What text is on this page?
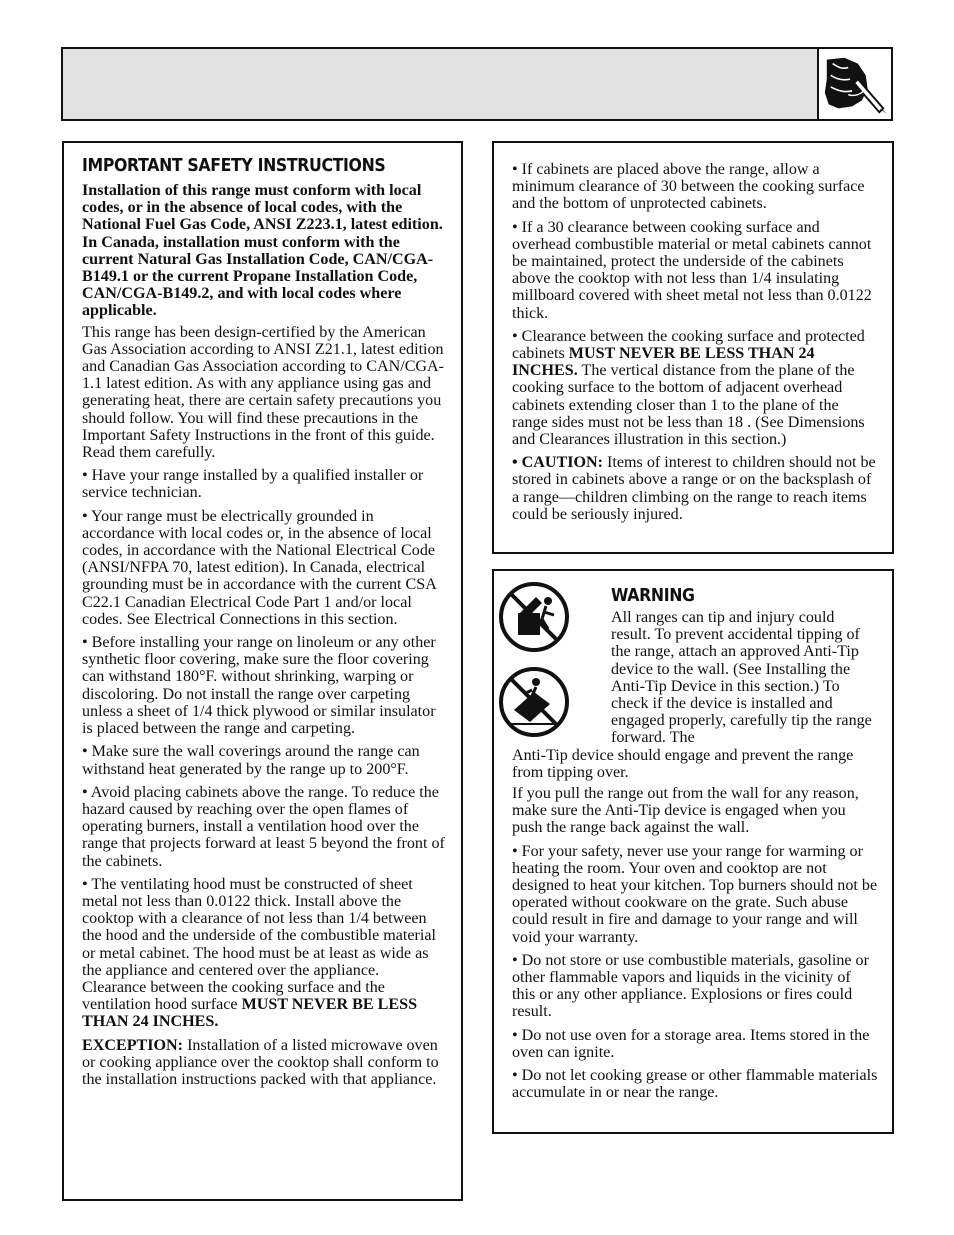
IMPORTANT SAFETY INSTRUCTIONS

Installation of this range must conform with local codes, or in the absence of local codes, with the National Fuel Gas Code, ANSI Z223.1, latest edition. In Canada, installation must conform with the current Natural Gas Installation Code, CAN/CGA-B149.1 or the current Propane Installation Code, CAN/CGA-B149.2, and with local codes where applicable.

This range has been design-certified by the American Gas Association according to ANSI Z21.1, latest edition and Canadian Gas Association according to CAN/CGA-1.1 latest edition. As with any appliance using gas and generating heat, there are certain safety precautions you should follow. You will find these precautions in the Important Safety Instructions in the front of this guide. Read them carefully.

• Have your range installed by a qualified installer or service technician.

• Your range must be electrically grounded in accordance with local codes or, in the absence of local codes, in accordance with the National Electrical Code (ANSI/NFPA 70, latest edition). In Canada, electrical grounding must be in accordance with the current CSA C22.1 Canadian Electrical Code Part 1 and/or local codes. See Electrical Connections in this section.

• Before installing your range on linoleum or any other synthetic floor covering, make sure the floor covering can withstand 180°F. without shrinking, warping or discoloring. Do not install the range over carpeting unless a sheet of 1/4 thick plywood or similar insulator is placed between the range and carpeting.

• Make sure the wall coverings around the range can withstand heat generated by the range up to 200°F.

• Avoid placing cabinets above the range. To reduce the hazard caused by reaching over the open flames of operating burners, install a ventilation hood over the range that projects forward at least 5 beyond the front of the cabinets.

• The ventilating hood must be constructed of sheet metal not less than 0.0122 thick. Install above the cooktop with a clearance of not less than 1/4 between the hood and the underside of the combustible material or metal cabinet. The hood must be at least as wide as the appliance and centered over the appliance. Clearance between the cooking surface and the ventilation hood surface MUST NEVER BE LESS THAN 24 INCHES.

EXCEPTION: Installation of a listed microwave oven or cooking appliance over the cooktop shall conform to the installation instructions packed with that appliance.

• If cabinets are placed above the range, allow a minimum clearance of 30 between the cooking surface and the bottom of unprotected cabinets.

• If a 30 clearance between cooking surface and overhead combustible material or metal cabinets cannot be maintained, protect the underside of the cabinets above the cooktop with not less than 1/4 insulating millboard covered with sheet metal not less than 0.0122 thick.

• Clearance between the cooking surface and protected cabinets MUST NEVER BE LESS THAN 24 INCHES. The vertical distance from the plane of the cooking surface to the bottom of adjacent overhead cabinets extending closer than 1 to the plane of the range sides must not be less than 18 . (See Dimensions and Clearances illustration in this section.)

• CAUTION: Items of interest to children should not be stored in cabinets above a range or on the backsplash of a range—children climbing on the range to reach items could be seriously injured.

WARNING

All ranges can tip and injury could result. To prevent accidental tipping of the range, attach an approved Anti-Tip device to the wall. (See Installing the Anti-Tip Device in this section.) To check if the device is installed and engaged properly, carefully tip the range forward. The

Anti-Tip device should engage and prevent the range from tipping over.

If you pull the range out from the wall for any reason, make sure the Anti-Tip device is engaged when you push the range back against the wall.

• For your safety, never use your range for warming or heating the room. Your oven and cooktop are not designed to heat your kitchen. Top burners should not be operated without cookware on the grate. Such abuse could result in fire and damage to your range and will void your warranty.

• Do not store or use combustible materials, gasoline or other flammable vapors and liquids in the vicinity of this or any other appliance. Explosions or fires could result.

• Do not use oven for a storage area. Items stored in the oven can ignite.

• Do not let cooking grease or other flammable materials accumulate in or near the range.
